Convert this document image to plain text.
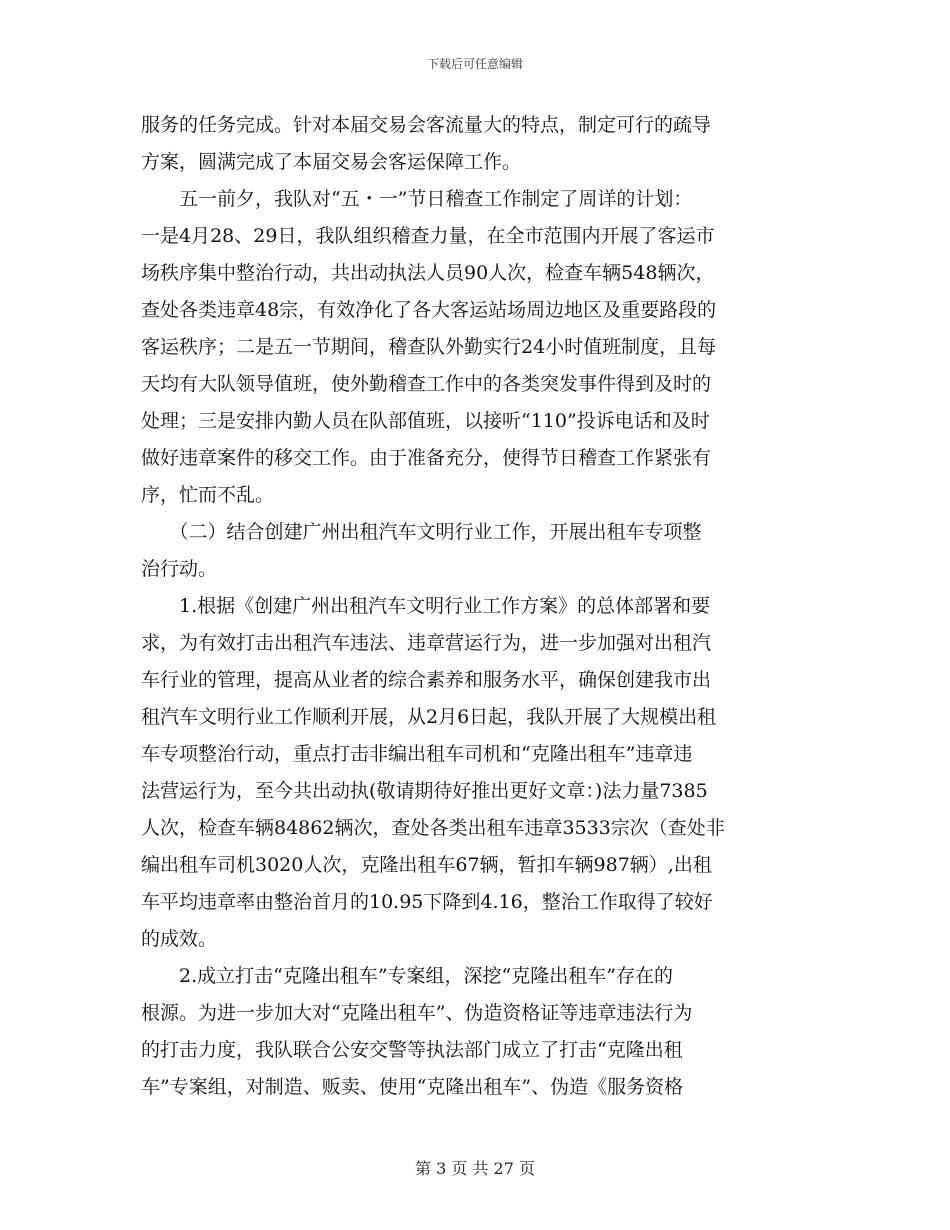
下载后可任意编辑
服务的任务完成。针对本届交易会客流量大的特点，制定可行的疏导
方案，圆满完成了本届交易会客运保障工作。
　　五一前夕，我队对“五・一”节日稽查工作制定了周详的计划：
一是4月28、29日，我队组织稽查力量，在全市范围内开展了客运市
场秩序集中整治行动，共出动执法人员90人次，检查车辆548辆次，
查处各类违章48宗，有效净化了各大客运站场周边地区及重要路段的
客运秩序；二是五一节期间，稽查队外勤实行24小时值班制度，且每
天均有大队领导值班，使外勤稽查工作中的各类突发事件得到及时的
处理；三是安排内勤人员在队部值班，以接听“110”投诉电话和及时
做好违章案件的移交工作。由于准备充分，使得节日稽查工作紧张有
序，忙而不乱。
　　（二）结合创建广州出租汽车文明行业工作，开展出租车专项整
治行动。
　　1.根据《创建广州出租汽车文明行业工作方案》的总体部署和要
求，为有效打击出租汽车违法、违章营运行为，进一步加强对出租汽
车行业的管理，提高从业者的综合素养和服务水平，确保创建我市出
租汽车文明行业工作顺利开展，从2月6日起，我队开展了大规模出租
车专项整治行动，重点打击非编出租车司机和“克隆出租车”违章违
法营运行为，至今共出动执(敬请期待好推出更好文章：)法力量7385
人次，检查车辆84862辆次，查处各类出租车违章3533宗次（查处非
编出租车司机3020人次，克隆出租车67辆，暂扣车辆987辆）,出租
车平均违章率由整治首月的10.95下降到4.16，整治工作取得了较好
的成效。
　　2.成立打击“克隆出租车”专案组，深挖“克隆出租车”存在的
根源。为进一步加大对“克隆出租车”、伪造资格证等违章违法行为
的打击力度，我队联合公安交警等执法部门成立了打击“克隆出租
车”专案组，对制造、贩卖、使用“克隆出租车”、伪造《服务资格
第 3 页 共 27 页
